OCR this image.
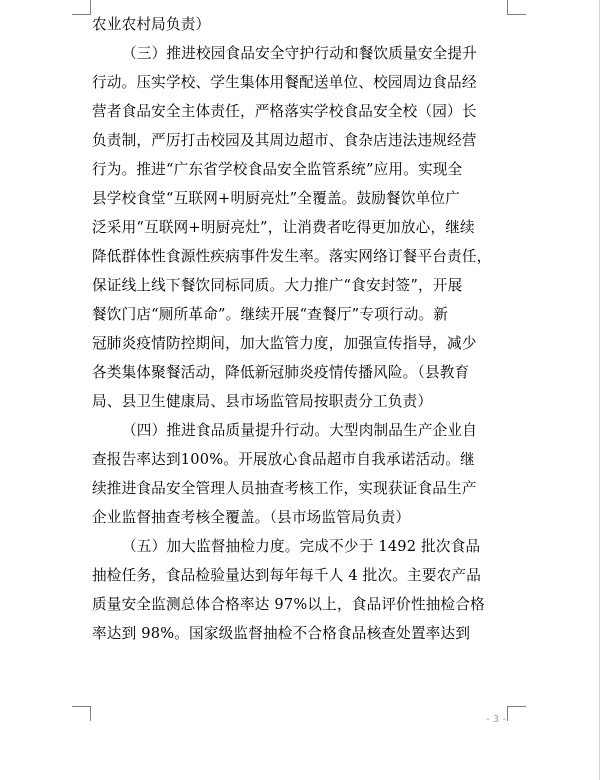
农业农村局负责）
（三）推进校园食品安全守护行动和餐饮质量安全提升
行动。压实学校、学生集体用餐配送单位、校园周边食品经
营者食品安全主体责任，严格落实学校食品安全校（园）长
负责制，严厉打击校园及其周边超市、食杂店违法违规经营
行为。推进“广东省学校食品安全监管系统”应用。实现全
县学校食堂“互联网+明厨亮灶”全覆盖。鼓励餐饮单位广
泛采用“互联网+明厨亮灶”，让消费者吃得更加放心，继续
降低群体性食源性疾病事件发生率。落实网络订餐平台责任，
保证线上线下餐饮同标同质。大力推广“食安封签”，开展
餐饮门店“厕所革命”。继续开展“查餐厅”专项行动。新
冠肺炎疫情防控期间，加大监管力度，加强宣传指导，减少
各类集体聚餐活动，降低新冠肺炎疫情传播风险。（县教育
局、县卫生健康局、县市场监管局按职责分工负责）
（四）推进食品质量提升行动。大型肉制品生产企业自
查报告率达到100%。开展放心食品超市自我承诺活动。继
续推进食品安全管理人员抽查考核工作，实现获证食品生产
企业监督抽查考核全覆盖。（县市场监管局负责）
（五）加大监督抽检力度。完成不少于 1492 批次食品
抽检任务，食品检验量达到每年每千人 4 批次。主要农产品
质量安全监测总体合格率达 97%以上，食品评价性抽检合格
率达到 98%。国家级监督抽检不合格食品核查处置率达到
- 3 -
